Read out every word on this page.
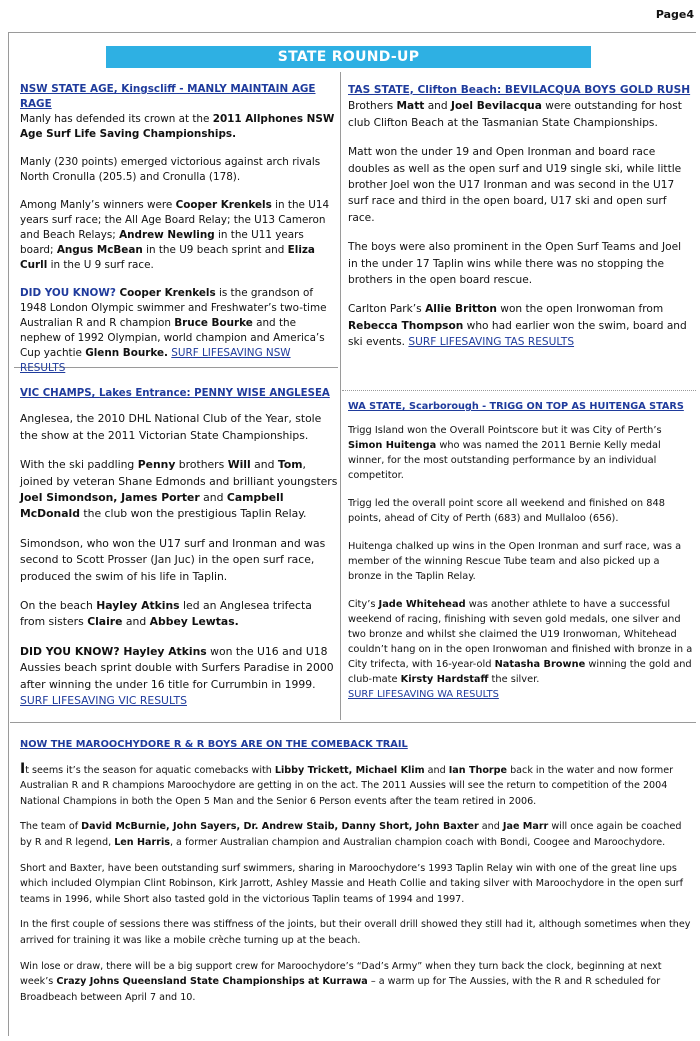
Page4
STATE ROUND-UP
NSW STATE AGE, Kingscliff - MANLY MAINTAIN AGE RAGE

Manly has defended its crown at the 2011 Allphones NSW Age Surf Life Saving Championships.

Manly (230 points) emerged victorious against arch rivals North Cronulla (205.5) and Cronulla (178).

Among Manly’s winners were Cooper Krenkels in the U14 years surf race; the All Age Board Relay; the U13 Cameron and Beach Relays; Andrew Newling in the U11 years board; Angus McBean in the U9 beach sprint and Eliza Curll in the U 9 surf race.

DID YOU KNOW? Cooper Krenkels is the grandson of 1948 London Olympic swimmer and Freshwater’s two-time Australian R and R champion Bruce Bourke and the nephew of 1992 Olympian, world champion and America’s Cup yachtie Glenn Bourke. SURF LIFESAVING NSW RESULTS

TAS STATE, Clifton Beach: BEVILACQUA BOYS GOLD RUSH

Brothers Matt and Joel Bevilacqua were outstanding for host club Clifton Beach at the Tasmanian State Championships.

Matt won the under 19 and Open Ironman and board race doubles as well as the open surf and U19 single ski, while little brother Joel won the U17 Ironman and was second in the U17 surf race and third in the open board, U17 ski and open surf race.

The boys were also prominent in the Open Surf Teams and Joel in the under 17 Taplin wins while there was no stopping the brothers in the open board rescue.

Carlton Park’s Allie Britton won the open Ironwoman from Rebecca Thompson who had earlier won the swim, board and ski events. SURF LIFESAVING TAS RESULTS

VIC CHAMPS, Lakes Entrance: PENNY WISE ANGLESEA

Anglesea, the 2010 DHL National Club of the Year, stole the show at the 2011 Victorian State Championships.

With the ski paddling Penny brothers Will and Tom, joined by veteran Shane Edmonds and brilliant youngsters Joel Simondson, James Porter and Campbell McDonald the club won the prestigious Taplin Relay.

Simondson, who won the U17 surf and Ironman and was second to Scott Prosser (Jan Juc) in the open surf race, produced the swim of his life in Taplin.

On the beach Hayley Atkins led an Anglesea trifecta from sisters Claire and Abbey Lewtas.

DID YOU KNOW? Hayley Atkins won the U16 and U18 Aussies beach sprint double with Surfers Paradise in 2000 after winning the under 16 title for Currumbin in 1999.
SURF LIFESAVING VIC RESULTS

WA STATE, Scarborough - TRIGG ON TOP AS HUITENGA STARS

Trigg Island won the Overall Pointscore but it was City of Perth’s Simon Huitenga who was named the 2011 Bernie Kelly medal winner, for the most outstanding performance by an individual competitor.

Trigg led the overall point score all weekend and finished on 848 points, ahead of City of Perth (683) and Mullaloo (656).

Huitenga chalked up wins in the Open Ironman and surf race, was a member of the winning Rescue Tube team and also picked up a bronze in the Taplin Relay.

City’s Jade Whitehead was another athlete to have a successful weekend of racing, finishing with seven gold medals, one silver and two bronze and whilst she claimed the U19 Ironwoman, Whitehead couldn’t hang on in the open Ironwoman and finished with bronze in a City trifecta, with 16-year-old Natasha Browne winning the gold and club-mate Kirsty Hardstaff the silver.
SURF LIFESAVING WA RESULTS

NOW THE MAROOCHYDORE R & R BOYS ARE ON THE COMEBACK TRAIL

It seems it’s the season for aquatic comebacks with Libby Trickett, Michael Klim and Ian Thorpe back in the water and now former Australian R and R champions Maroochydore are getting in on the act. The 2011 Aussies will see the return to competition of the 2004 National Champions in both the Open 5 Man and the Senior 6 Person events after the team retired in 2006.

The team of David McBurnie, John Sayers, Dr. Andrew Staib, Danny Short, John Baxter and Jae Marr will once again be coached by R and R legend, Len Harris, a former Australian champion and Australian champion coach with Bondi, Coogee and Maroochydore.

Short and Baxter, have been outstanding surf swimmers, sharing in Maroochydore’s 1993 Taplin Relay win with one of the great line ups which included Olympian Clint Robinson, Kirk Jarrott, Ashley Massie and Heath Collie and taking silver with Maroochydore in the open surf teams in 1996, while Short also tasted gold in the victorious Taplin teams of 1994 and 1997.

In the first couple of sessions there was stiffness of the joints, but their overall drill showed they still had it, although sometimes when they arrived for training it was like a mobile crèche turning up at the beach.

Win lose or draw, there will be a big support crew for Maroochydore’s “Dad’s Army” when they turn back the clock, beginning at next week’s Crazy Johns Queensland State Championships at Kurrawa – a warm up for The Aussies, with the R and R scheduled for Broadbeach between April 7 and 10.
